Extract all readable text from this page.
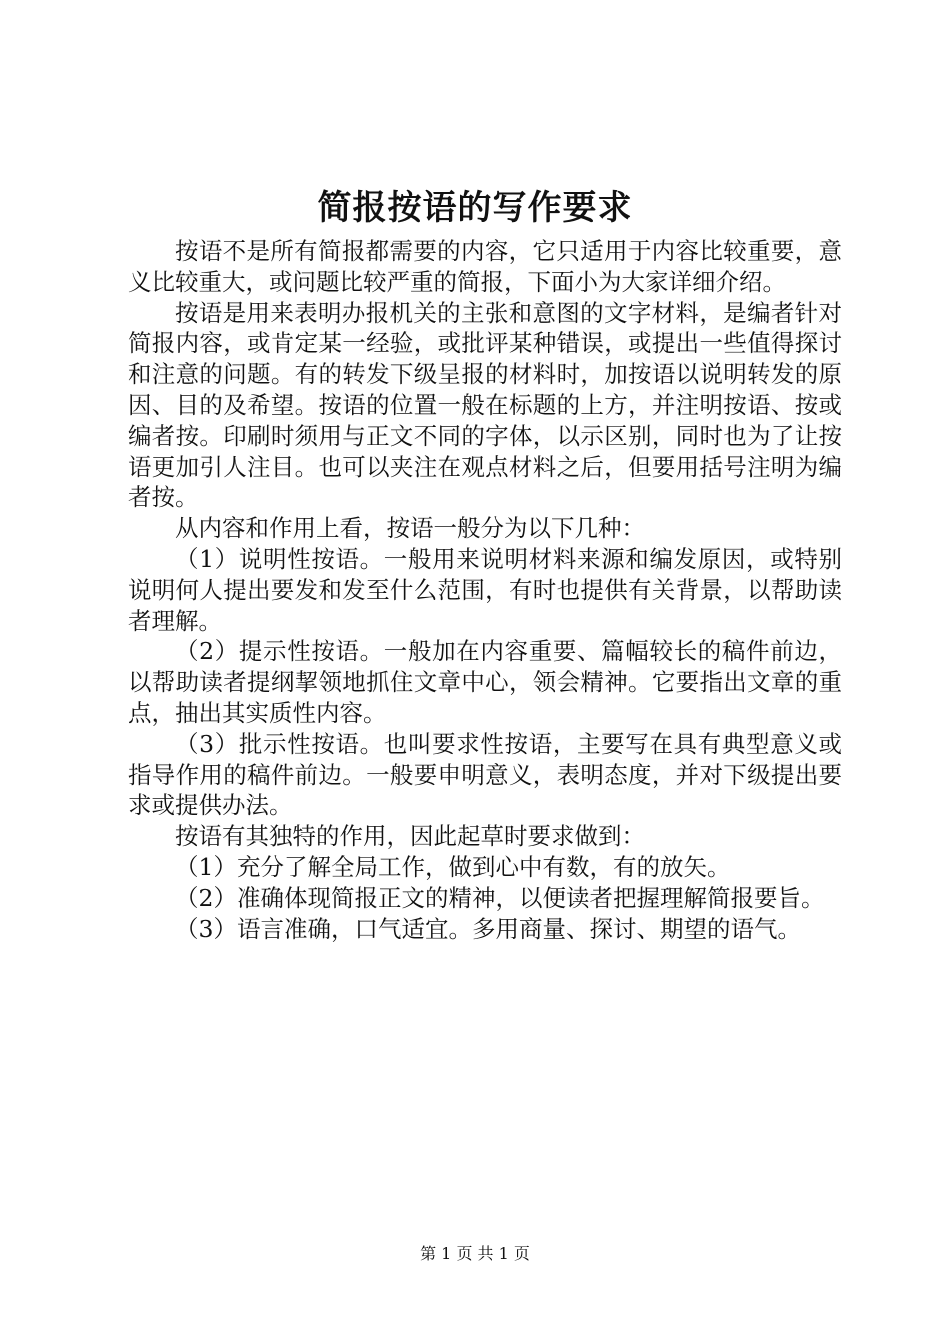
简报按语的写作要求

按语不是所有简报都需要的内容，它只适用于内容比较重要，意义比较重大，或问题比较严重的简报，下面小为大家详细介绍。

按语是用来表明办报机关的主张和意图的文字材料，是编者针对简报内容，或肯定某一经验，或批评某种错误，或提出一些值得探讨和注意的问题。有的转发下级呈报的材料时，加按语以说明转发的原因、目的及希望。按语的位置一般在标题的上方，并注明按语、按或编者按。印刷时须用与正文不同的字体，以示区别，同时也为了让按语更加引人注目。也可以夹注在观点材料之后，但要用括号注明为编者按。

从内容和作用上看，按语一般分为以下几种：

（1）说明性按语。一般用来说明材料来源和编发原因，或特别说明何人提出要发和发至什么范围，有时也提供有关背景，以帮助读者理解。

（2）提示性按语。一般加在内容重要、篇幅较长的稿件前边，以帮助读者提纲挈领地抓住文章中心，领会精神。它要指出文章的重点，抽出其实质性内容。

（3）批示性按语。也叫要求性按语，主要写在具有典型意义或指导作用的稿件前边。一般要申明意义，表明态度，并对下级提出要求或提供办法。

按语有其独特的作用，因此起草时要求做到：

（1）充分了解全局工作，做到心中有数，有的放矢。

（2）准确体现简报正文的精神，以便读者把握理解简报要旨。

（3）语言准确，口气适宜。多用商量、探讨、期望的语气。

第 1 页 共 1 页
